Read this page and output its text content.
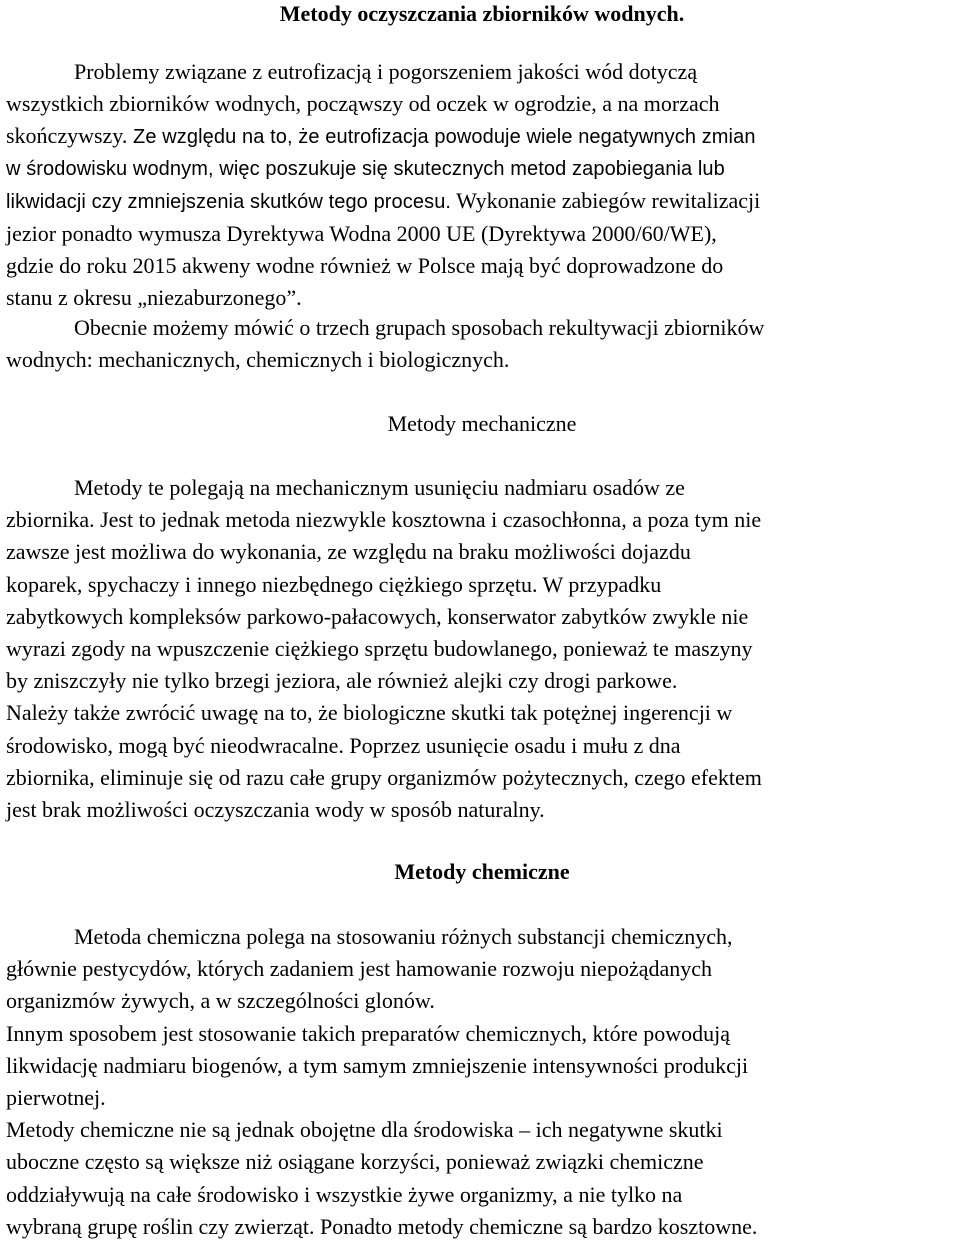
Metody oczyszczania zbiorników wodnych.
Problemy związane z eutrofizacją i pogorszeniem jakości wód dotyczą
wszystkich zbiorników wodnych, począwszy od oczek w ogrodzie, a na morzach
skończywszy. Ze względu na to, że eutrofizacja powoduje wiele negatywnych zmian
w środowisku wodnym, więc poszukuje się skutecznych metod zapobiegania lub
likwidacji czy zmniejszenia skutków tego procesu. Wykonanie zabiegów rewitalizacji
jezior ponadto wymusza Dyrektywa Wodna 2000 UE (Dyrektywa 2000/60/WE),
gdzie do roku 2015 akweny wodne również w Polsce mają być doprowadzone do
stanu z okresu „niezaburzonego”.
Obecnie możemy mówić o trzech grupach sposobach rekultywacji zbiorników
wodnych: mechanicznych, chemicznych i biologicznych.
Metody mechaniczne
Metody te polegają na mechanicznym usunięciu nadmiaru osadów ze
zbiornika. Jest to jednak metoda niezwykle kosztowna i czasochłonna, a poza tym nie
zawsze jest możliwa do wykonania, ze względu na braku możliwości dojazdu
koparek, spychaczy i innego niezbędnego ciężkiego sprzętu. W przypadku
zabytkowych kompleksów parkowo-pałacowych, konserwator zabytków zwykle nie
wyrazi zgody na wpuszczenie ciężkiego sprzętu budowlanego, ponieważ te maszyny
by zniszczyły nie tylko brzegi jeziora, ale również alejki czy drogi parkowe.
Należy także zwrócić uwagę na to, że biologiczne skutki tak potężnej ingerencji w
środowisko, mogą być nieodwracalne. Poprzez usunięcie osadu i mułu z dna
zbiornika, eliminuje się od razu całe grupy organizmów pożytecznych, czego efektem
jest brak możliwości oczyszczania wody w sposób naturalny.
Metody chemiczne
Metoda chemiczna polega na stosowaniu różnych substancji chemicznych,
głównie pestycydów, których zadaniem jest hamowanie rozwoju niepożądanych
organizmów żywych, a w szczególności glonów.
Innym sposobem jest stosowanie takich preparatów chemicznych, które powodują
likwidację nadmiaru biogenów, a tym samym zmniejszenie intensywności produkcji
pierwotnej.
Metody chemiczne nie są jednak obojętne dla środowiska – ich negatywne skutki
uboczne często są większe niż osiągane korzyści, ponieważ związki chemiczne
oddziaływują na całe środowisko i wszystkie żywe organizmy, a nie tylko na
wybraną grupę roślin czy zwierząt. Ponadto metody chemiczne są bardzo kosztowne.
